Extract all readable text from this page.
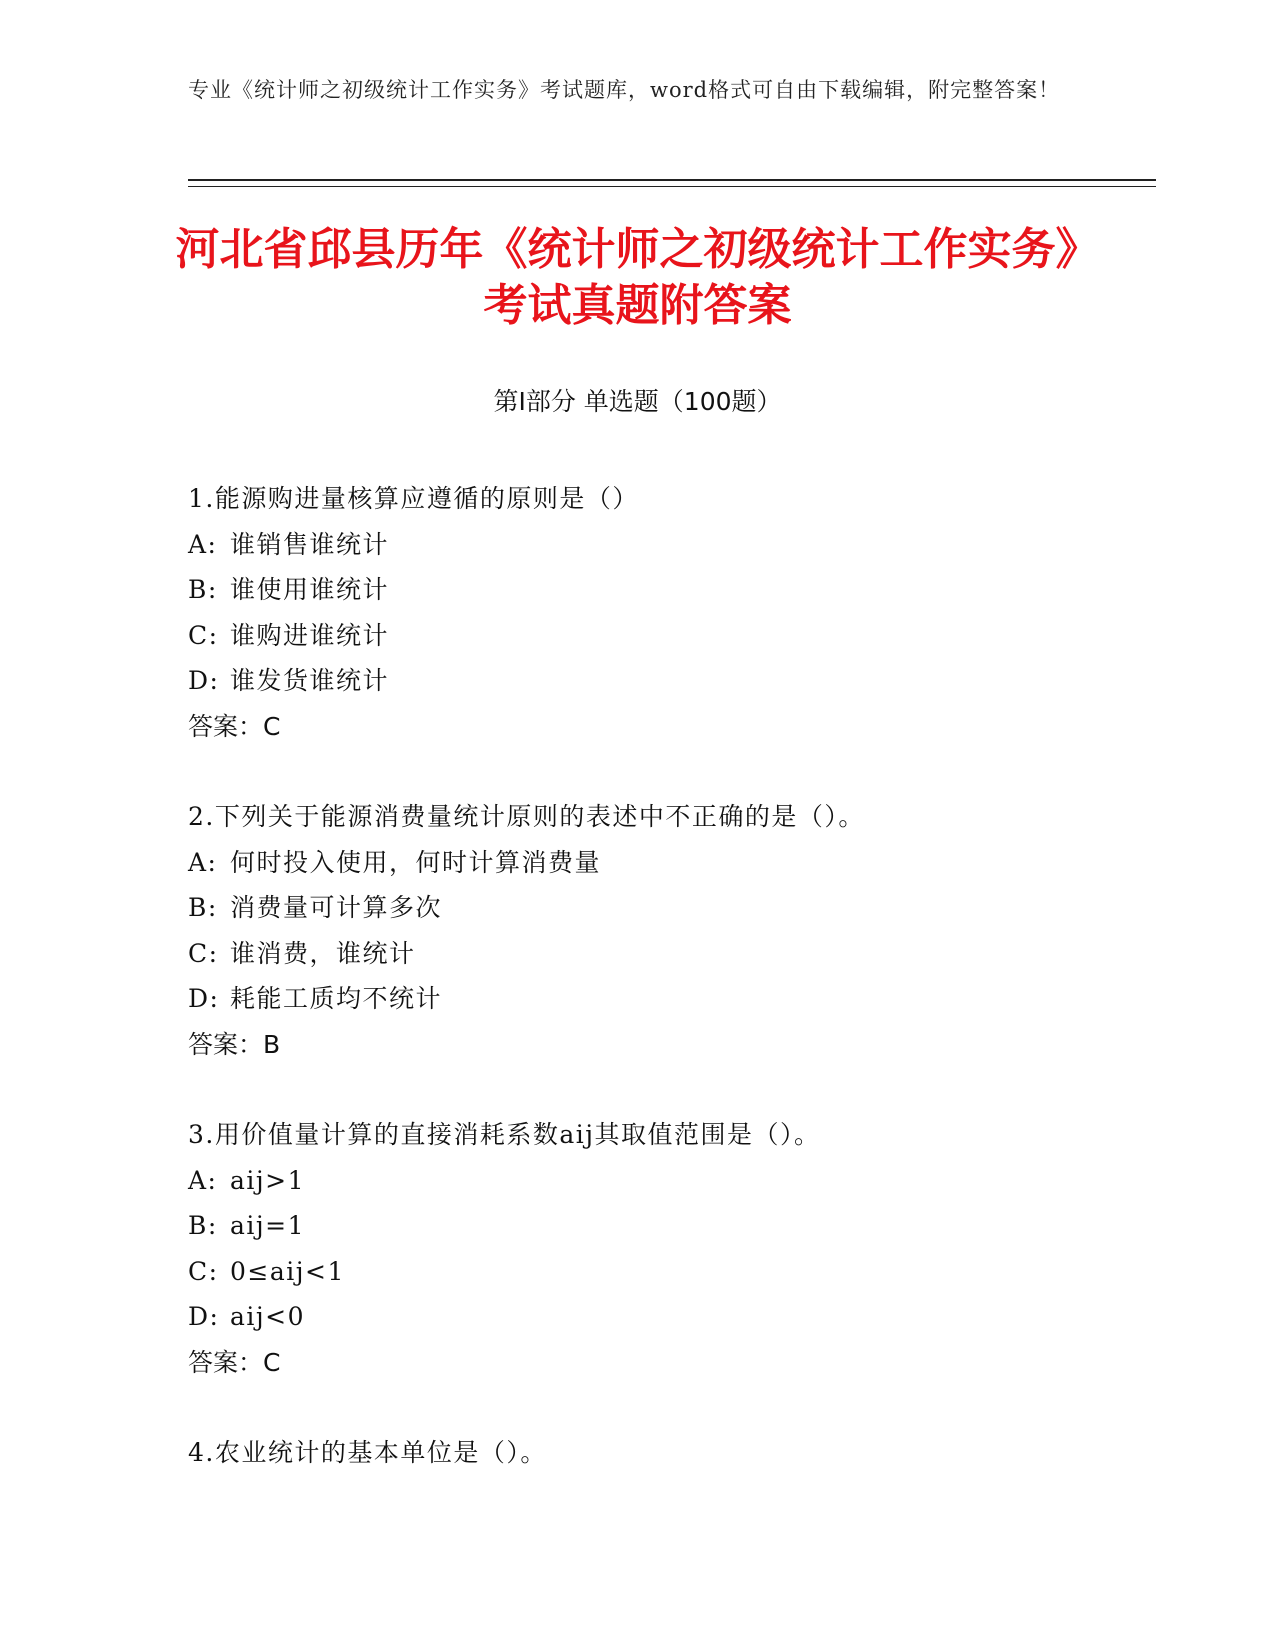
专业《统计师之初级统计工作实务》考试题库，word格式可自由下载编辑，附完整答案！
河北省邱县历年《统计师之初级统计工作实务》考试真题附答案
第Ⅰ部分 单选题（100题）
1.能源购进量核算应遵循的原则是（）
A: 谁销售谁统计
B: 谁使用谁统计
C: 谁购进谁统计
D: 谁发货谁统计
答案：C
2.下列关于能源消费量统计原则的表述中不正确的是（）。
A: 何时投入使用，何时计算消费量
B: 消费量可计算多次
C: 谁消费，谁统计
D: 耗能工质均不统计
答案：B
3.用价值量计算的直接消耗系数aij其取值范围是（）。
A: aij>1
B: aij=1
C: 0≤aij<1
D: aij<0
答案：C
4.农业统计的基本单位是（）。
